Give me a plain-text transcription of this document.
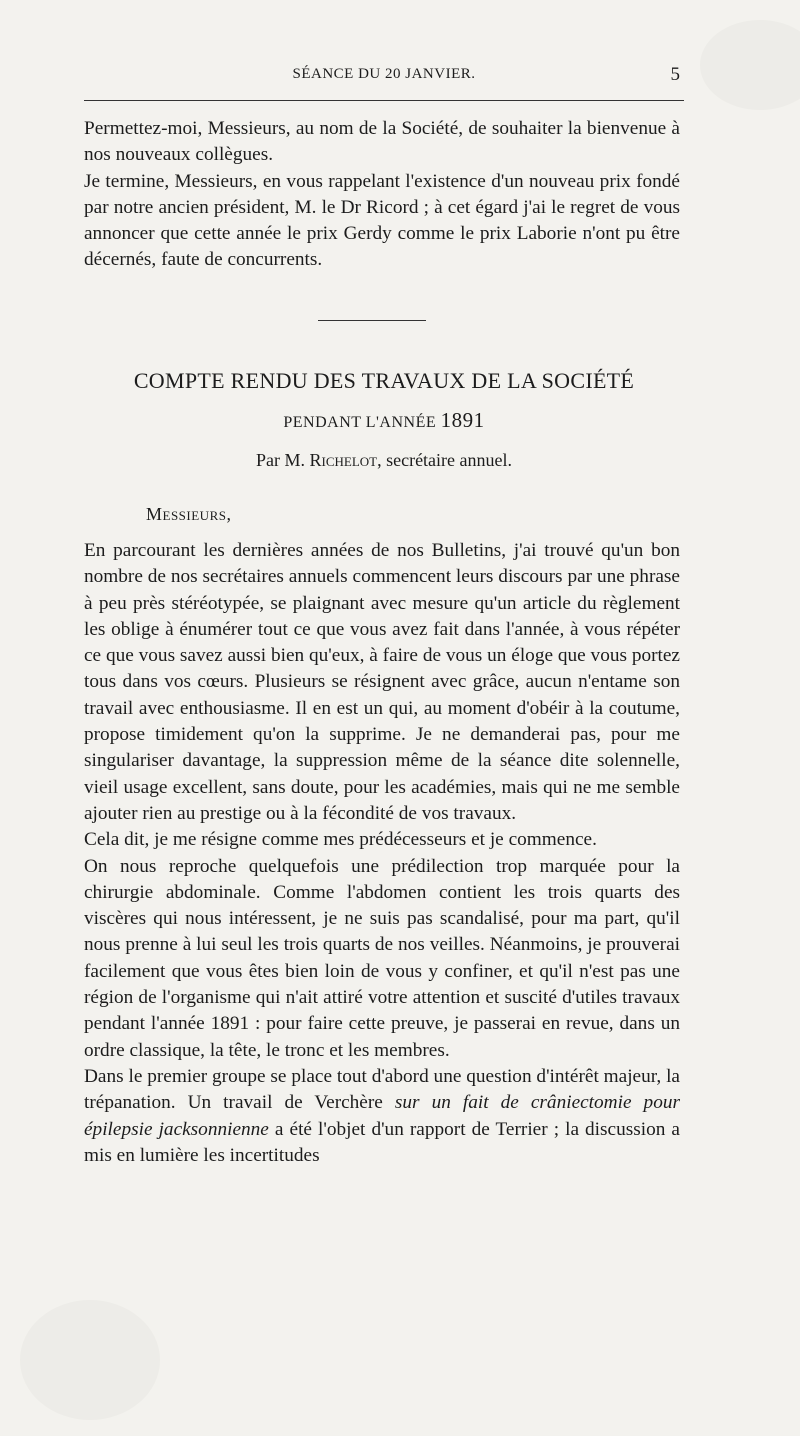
SÉANCE DU 20 JANVIER.	5

Permettez-moi, Messieurs, au nom de la Société, de souhaiter la bienvenue à nos nouveaux collègues.

Je termine, Messieurs, en vous rappelant l'existence d'un nouveau prix fondé par notre ancien président, M. le Dr Ricord ; à cet égard j'ai le regret de vous annoncer que cette année le prix Gerdy comme le prix Laborie n'ont pu être décernés, faute de concurrents.

COMPTE RENDU DES TRAVAUX DE LA SOCIÉTÉ
PENDANT L'ANNÉE 1891
Par M. Richelot, secrétaire annuel.
Messieurs,

En parcourant les dernières années de nos Bulletins, j'ai trouvé qu'un bon nombre de nos secrétaires annuels commencent leurs discours par une phrase à peu près stéréotypée, se plaignant avec mesure qu'un article du règlement les oblige à énumérer tout ce que vous avez fait dans l'année, à vous répéter ce que vous savez aussi bien qu'eux, à faire de vous un éloge que vous portez tous dans vos cœurs. Plusieurs se résignent avec grâce, aucun n'entame son travail avec enthousiasme. Il en est un qui, au moment d'obéir à la coutume, propose timidement qu'on la supprime. Je ne demanderai pas, pour me singulariser davantage, la suppression même de la séance dite solennelle, vieil usage excellent, sans doute, pour les académies, mais qui ne me semble ajouter rien au prestige ou à la fécondité de vos travaux.

Cela dit, je me résigne comme mes prédécesseurs et je commence.

On nous reproche quelquefois une prédilection trop marquée pour la chirurgie abdominale. Comme l'abdomen contient les trois quarts des viscères qui nous intéressent, je ne suis pas scandalisé, pour ma part, qu'il nous prenne à lui seul les trois quarts de nos veilles. Néanmoins, je prouverai facilement que vous êtes bien loin de vous y confiner, et qu'il n'est pas une région de l'organisme qui n'ait attiré votre attention et suscité d'utiles travaux pendant l'année 1891 : pour faire cette preuve, je passerai en revue, dans un ordre classique, la tête, le tronc et les membres.

Dans le premier groupe se place tout d'abord une question d'intérêt majeur, la trépanation. Un travail de Verchère sur un fait de crâniectomie pour épilepsie jacksonnienne a été l'objet d'un rapport de Terrier ; la discussion a mis en lumière les incertitudes
